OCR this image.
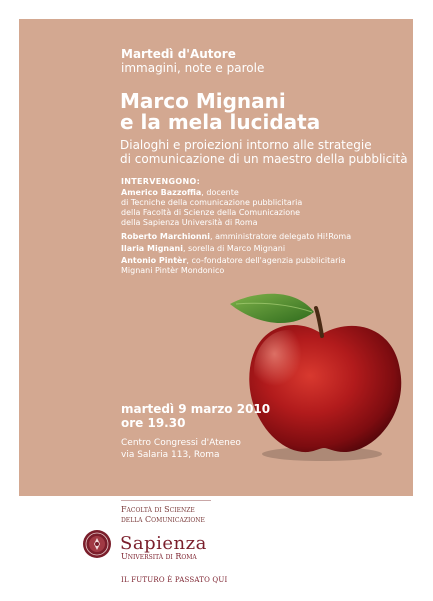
Martedì d'Autore
immagini, note e parole
Marco Mignani
e la mela lucidata
Dialoghi e proiezioni intorno alle strategie
di comunicazione di un maestro della pubblicità
INTERVENGONO:
Americo Bazzoffia, docente
di Tecniche della comunicazione pubblicitaria
della Facoltà di Scienze della Comunicazione
della Sapienza Università di Roma
Roberto Marchionni, amministratore delegato Hi!Roma
Ilaria Mignani, sorella di Marco Mignani
Antonio Pintèr, co-fondatore dell'agenzia pubblicitaria
Mignani Pintèr Mondonico
martedì 9 marzo 2010
ore 19.30
Centro Congressi d'Ateneo
via Salaria 113, Roma
Facoltà di Scienze
della Comunicazione
Sapienza
Università di Roma
IL FUTURO È PASSATO QUI
